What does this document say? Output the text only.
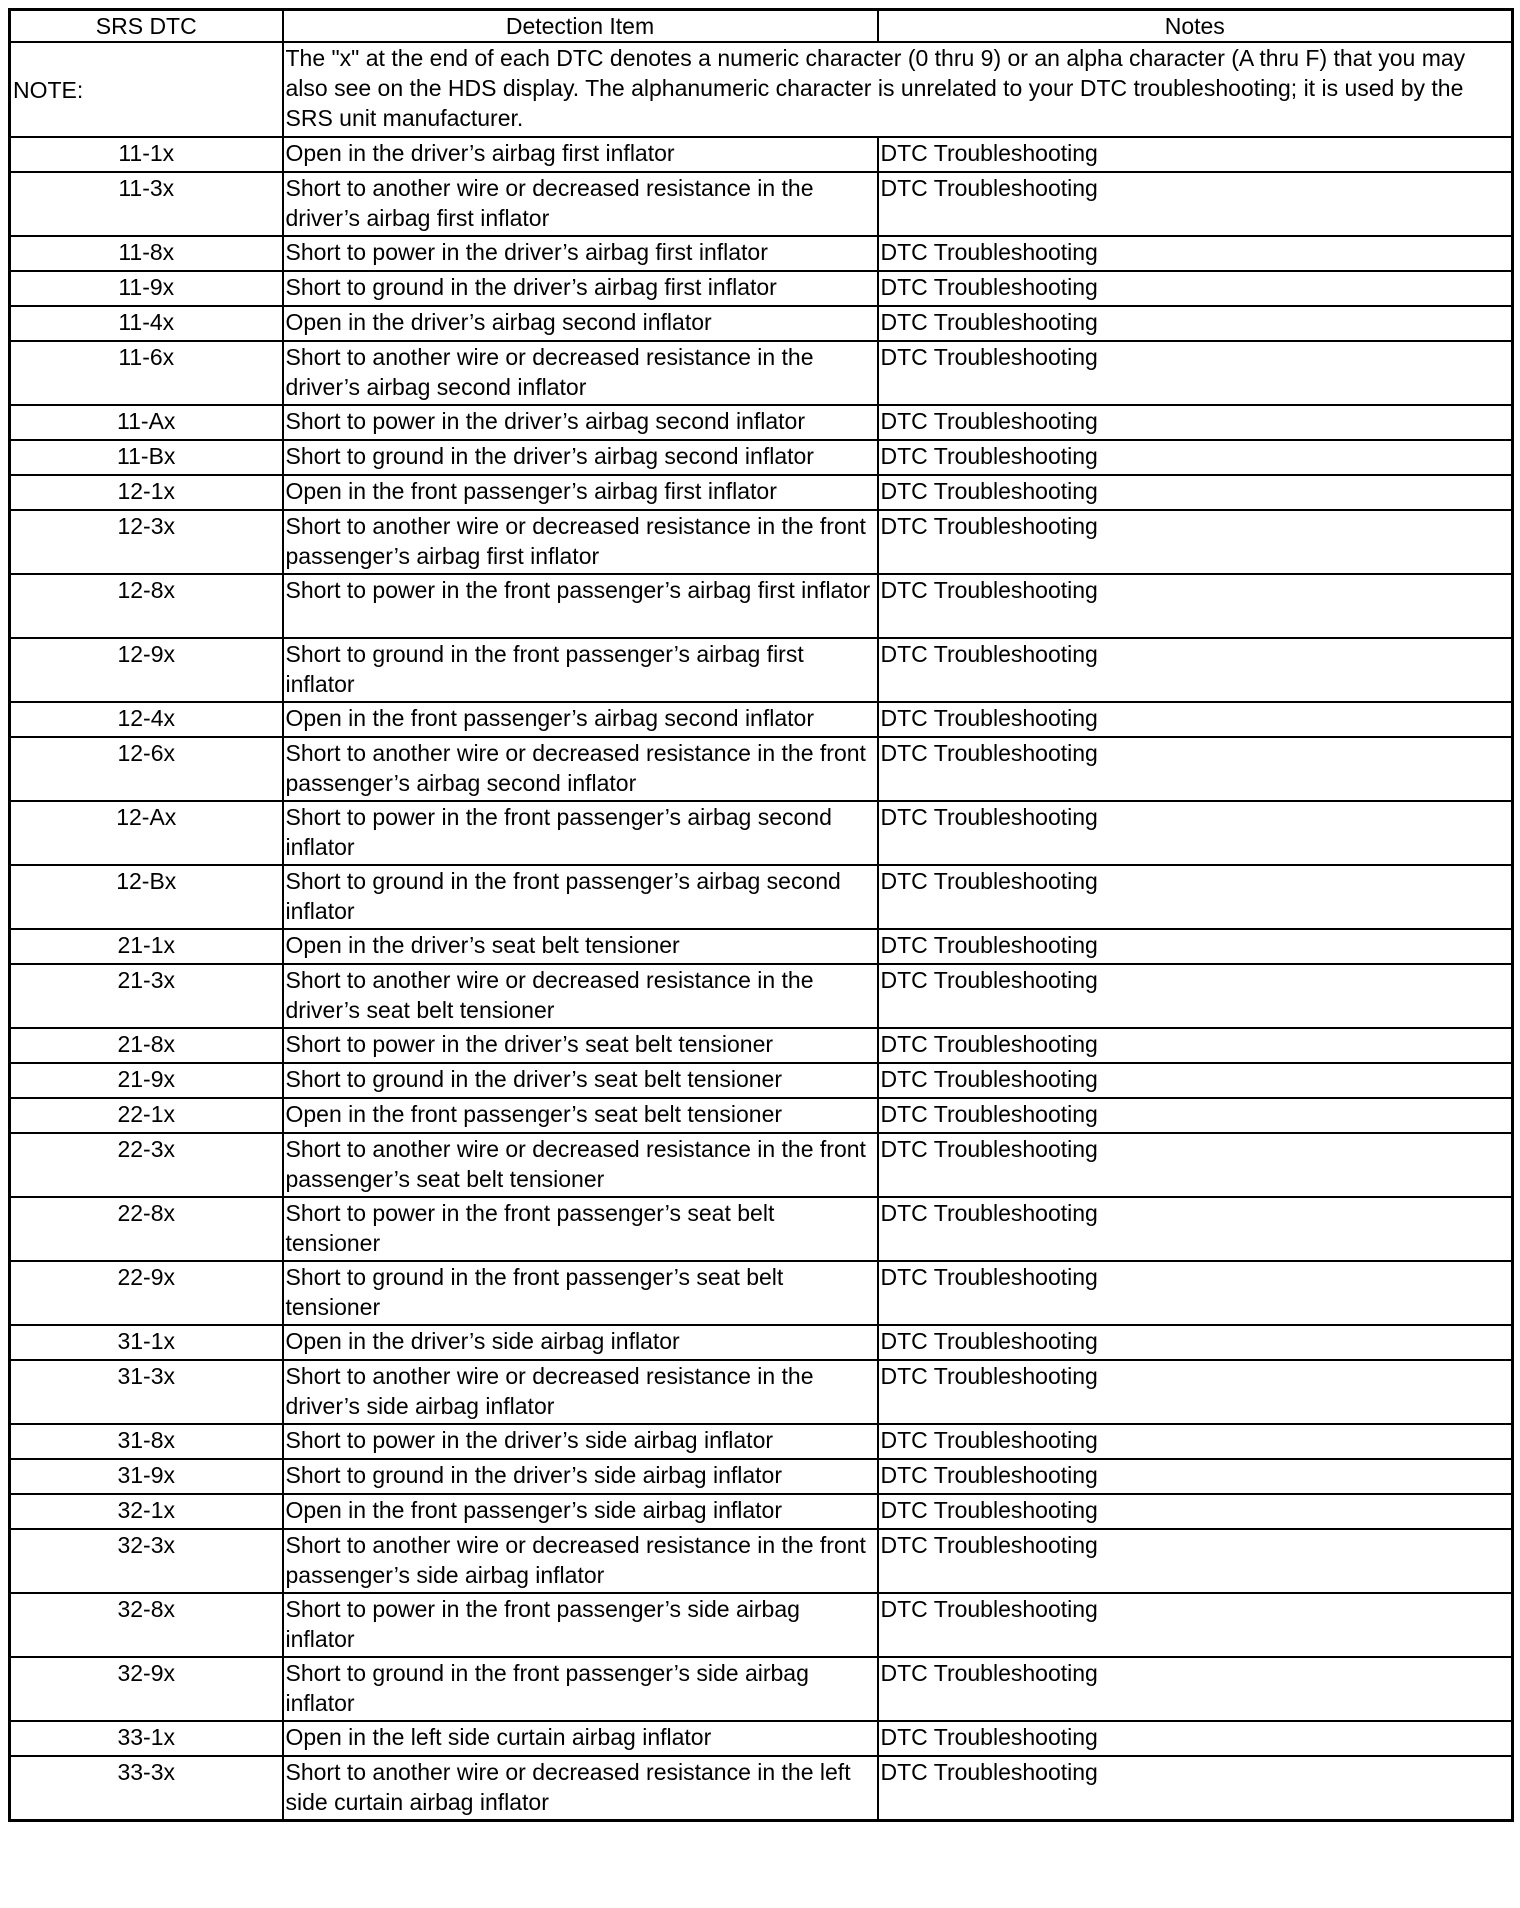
SRS DTC	Detection Item	Notes
NOTE:	The "x" at the end of each DTC denotes a numeric character (0 thru 9) or an alpha character (A thru F) that you may also see on the HDS display. The alphanumeric character is unrelated to your DTC troubleshooting; it is used by the SRS unit manufacturer.	
11-1x	Open in the driver’s airbag first inflator	DTC Troubleshooting
11-3x	Short to another wire or decreased resistance in the driver’s airbag first inflator	DTC Troubleshooting
11-8x	Short to power in the driver’s airbag first inflator	DTC Troubleshooting
11-9x	Short to ground in the driver’s airbag first inflator	DTC Troubleshooting
11-4x	Open in the driver’s airbag second inflator	DTC Troubleshooting
11-6x	Short to another wire or decreased resistance in the driver’s airbag second inflator	DTC Troubleshooting
11-Ax	Short to power in the driver’s airbag second inflator	DTC Troubleshooting
11-Bx	Short to ground in the driver’s airbag second inflator	DTC Troubleshooting
12-1x	Open in the front passenger’s airbag first inflator	DTC Troubleshooting
12-3x	Short to another wire or decreased resistance in the front passenger’s airbag first inflator	DTC Troubleshooting
12-8x	Short to power in the front passenger’s airbag first inflator	DTC Troubleshooting
12-9x	Short to ground in the front passenger’s airbag first inflator	DTC Troubleshooting
12-4x	Open in the front passenger’s airbag second inflator	DTC Troubleshooting
12-6x	Short to another wire or decreased resistance in the front passenger’s airbag second inflator	DTC Troubleshooting
12-Ax	Short to power in the front passenger’s airbag second inflator	DTC Troubleshooting
12-Bx	Short to ground in the front passenger’s airbag second inflator	DTC Troubleshooting
21-1x	Open in the driver’s seat belt tensioner	DTC Troubleshooting
21-3x	Short to another wire or decreased resistance in the driver’s seat belt tensioner	DTC Troubleshooting
21-8x	Short to power in the driver’s seat belt tensioner	DTC Troubleshooting
21-9x	Short to ground in the driver’s seat belt tensioner	DTC Troubleshooting
22-1x	Open in the front passenger’s seat belt tensioner	DTC Troubleshooting
22-3x	Short to another wire or decreased resistance in the front passenger’s seat belt tensioner	DTC Troubleshooting
22-8x	Short to power in the front passenger’s seat belt tensioner	DTC Troubleshooting
22-9x	Short to ground in the front passenger’s seat belt tensioner	DTC Troubleshooting
31-1x	Open in the driver’s side airbag inflator	DTC Troubleshooting
31-3x	Short to another wire or decreased resistance in the driver’s side airbag inflator	DTC Troubleshooting
31-8x	Short to power in the driver’s side airbag inflator	DTC Troubleshooting
31-9x	Short to ground in the driver’s side airbag inflator	DTC Troubleshooting
32-1x	Open in the front passenger’s side airbag inflator	DTC Troubleshooting
32-3x	Short to another wire or decreased resistance in the front passenger’s side airbag inflator	DTC Troubleshooting
32-8x	Short to power in the front passenger’s side airbag inflator	DTC Troubleshooting
32-9x	Short to ground in the front passenger’s side airbag inflator	DTC Troubleshooting
33-1x	Open in the left side curtain airbag inflator	DTC Troubleshooting
33-3x	Short to another wire or decreased resistance in the left side curtain airbag inflator	DTC Troubleshooting
